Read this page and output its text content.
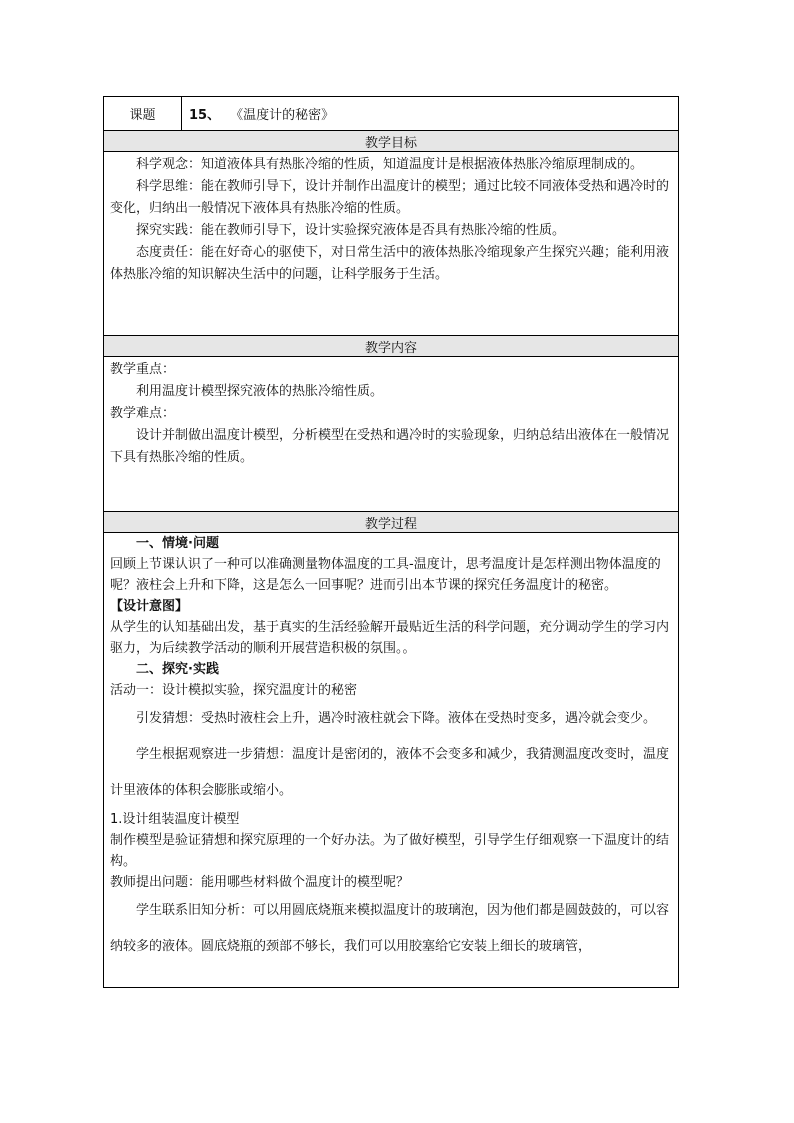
课题	15、 《温度计的秘密》
教学目标

科学观念：知道液体具有热胀冷缩的性质，知道温度计是根据液体热胀冷缩原理制成的。

科学思维：能在教师引导下，设计并制作出温度计的模型；通过比较不同液体受热和遇冷时的变化，归纳出一般情况下液体具有热胀冷缩的性质。

探究实践：能在教师引导下，设计实验探究液体是否具有热胀冷缩的性质。

态度责任：能在好奇心的驱使下，对日常生活中的液体热胀冷缩现象产生探究兴趣；能利用液体热胀冷缩的知识解决生活中的问题，让科学服务于生活。

教学内容

教学重点：

利用温度计模型探究液体的热胀冷缩性质。

教学难点：

设计并制做出温度计模型，分析模型在受热和遇冷时的实验现象，归纳总结出液体在一般情况下具有热胀冷缩的性质。

教学过程

一、情境·问题

回顾上节课认识了一种可以准确测量物体温度的工具-温度计，思考温度计是怎样测出物体温度的呢？液柱会上升和下降，这是怎么一回事呢？进而引出本节课的探究任务温度计的秘密。

【设计意图】

从学生的认知基础出发，基于真实的生活经验解开最贴近生活的科学问题，充分调动学生的学习内驱力，为后续教学活动的顺利开展营造积极的氛围。。

二、探究·实践

活动一：设计模拟实验，探究温度计的秘密

引发猜想：受热时液柱会上升，遇冷时液柱就会下降。液体在受热时变多，遇冷就会变少。

学生根据观察进一步猜想：温度计是密闭的，液体不会变多和减少，我猜测温度改变时，温度计里液体的体积会膨胀或缩小。

1.设计组装温度计模型

制作模型是验证猜想和探究原理的一个好办法。为了做好模型，引导学生仔细观察一下温度计的结构。

教师提出问题：能用哪些材料做个温度计的模型呢？

学生联系旧知分析：可以用圆底烧瓶来模拟温度计的玻璃泡，因为他们都是圆鼓鼓的，可以容纳较多的液体。圆底烧瓶的颈部不够长，我们可以用胶塞给它安装上细长的玻璃管，
